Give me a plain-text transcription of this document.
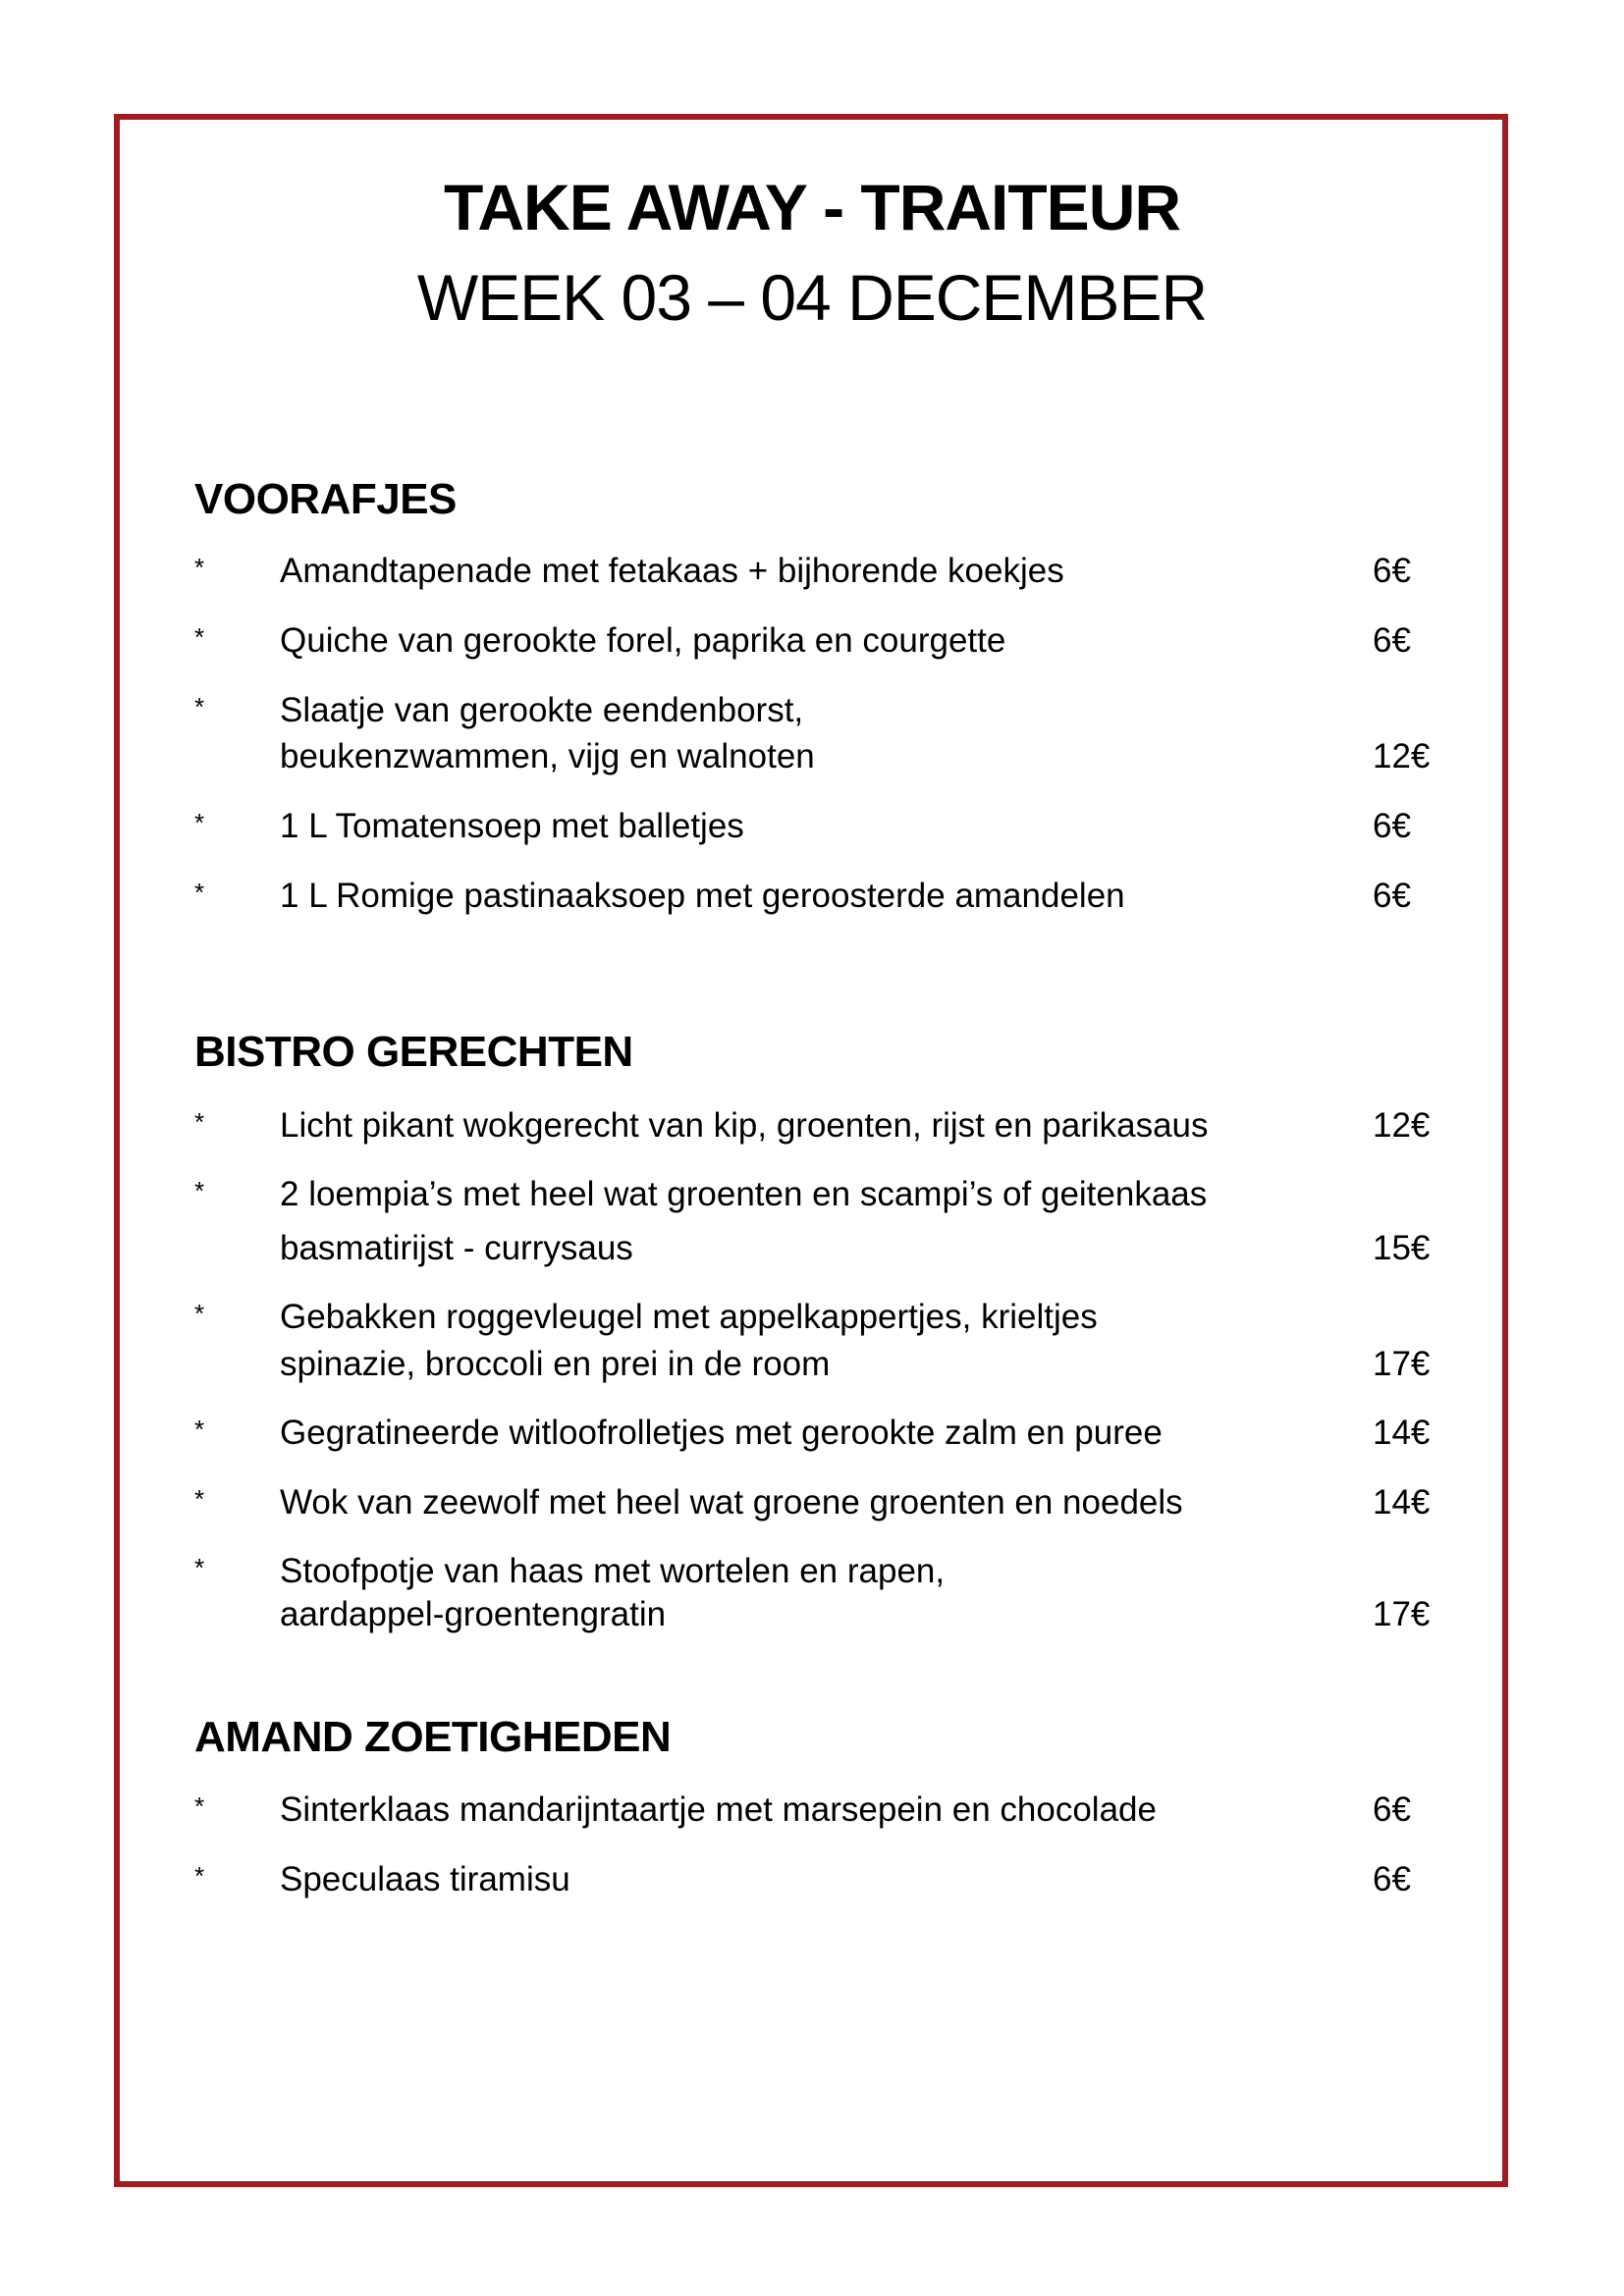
TAKE AWAY - TRAITEUR
WEEK 03 – 04 DECEMBER
VOORAFJES
* Amandtapenade met fetakaas + bijhorende koekjes	6€
* Quiche van gerookte forel, paprika en courgette	6€
* Slaatje van gerookte eendenborst,
beukenzwammen, vijg en walnoten	12€
* 1 L Tomatensoep met balletjes	6€
* 1 L Romige pastinaaksoep met geroosterde amandelen	6€
BISTRO GERECHTEN
* Licht pikant wokgerecht van kip, groenten, rijst en parikasaus	12€
* 2 loempia’s met heel wat groenten en scampi’s of geitenkaas
basmatirijst - currysaus	15€
* Gebakken roggevleugel met appelkappertjes, krieltjes
spinazie, broccoli en prei in de room	17€
* Gegratineerde witloofrolletjes met gerookte zalm en puree	14€
* Wok van zeewolf met heel wat groene groenten en noedels	14€
* Stoofpotje van haas met wortelen en rapen,
aardappel-groentengratin	17€
AMAND ZOETIGHEDEN
* Sinterklaas mandarijntaartje met marsepein en chocolade	6€
* Speculaas tiramisu	6€
